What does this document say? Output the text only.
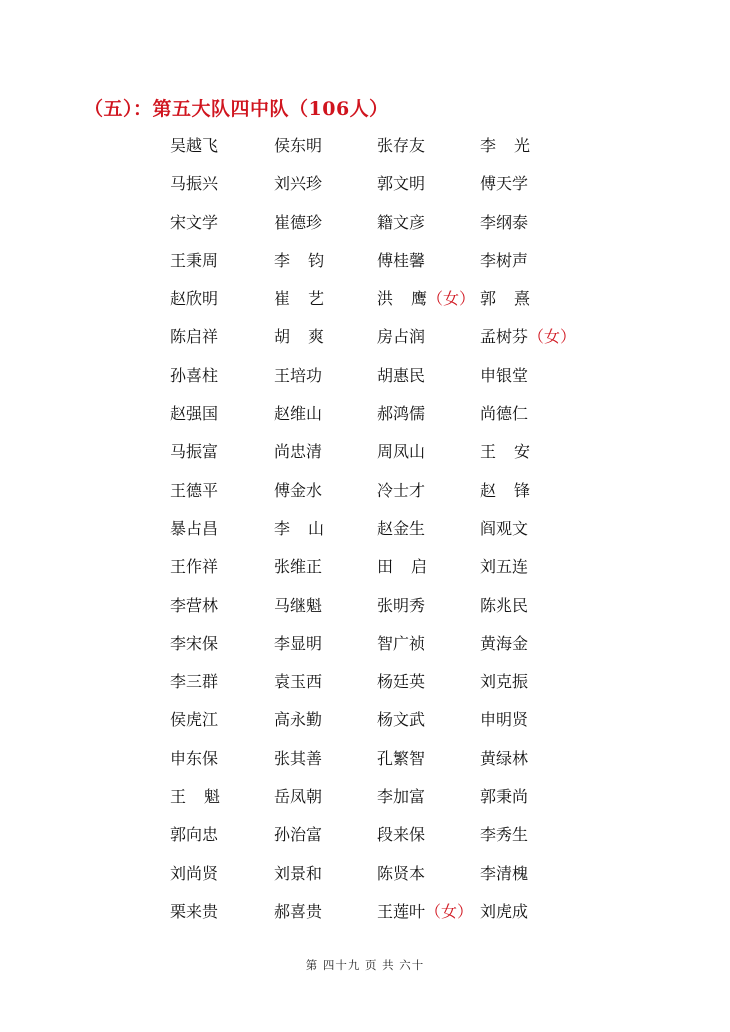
（五）：第五大队四中队（106人）
吴越飞	侯东明	张存友	李 光
马振兴	刘兴珍	郭文明	傅天学
宋文学	崔德珍	籍文彦	李纲泰
王秉周	李 钧	傅桂馨	李树声
赵欣明	崔 艺	洪 鹰（女） 郭 熹
陈启祥	胡 爽	房占润	孟树芬（女）
孙喜柱	王培功	胡惠民	申银堂
赵强国	赵维山	郝鸿儒	尚德仁
马振富	尚忠清	周凤山	王 安
王德平	傅金水	冷士才	赵 锋
暴占昌	李 山	赵金生	阎观文
王作祥	张维正	田 启	刘五连
李营林	马继魁	张明秀	陈兆民
李宋保	李显明	智广祯	黄海金
李三群	袁玉西	杨廷英	刘克振
侯虎江	高永勤	杨文武	申明贤
申东保	张其善	孔繁智	黄绿林
王 魁	岳凤朝	李加富	郭秉尚
郭向忠	孙治富	段来保	李秀生
刘尚贤	刘景和	陈贤本	李清槐
栗来贵	郝喜贵	王莲叶（女） 刘虎成
第 四十九 页 共 六十
